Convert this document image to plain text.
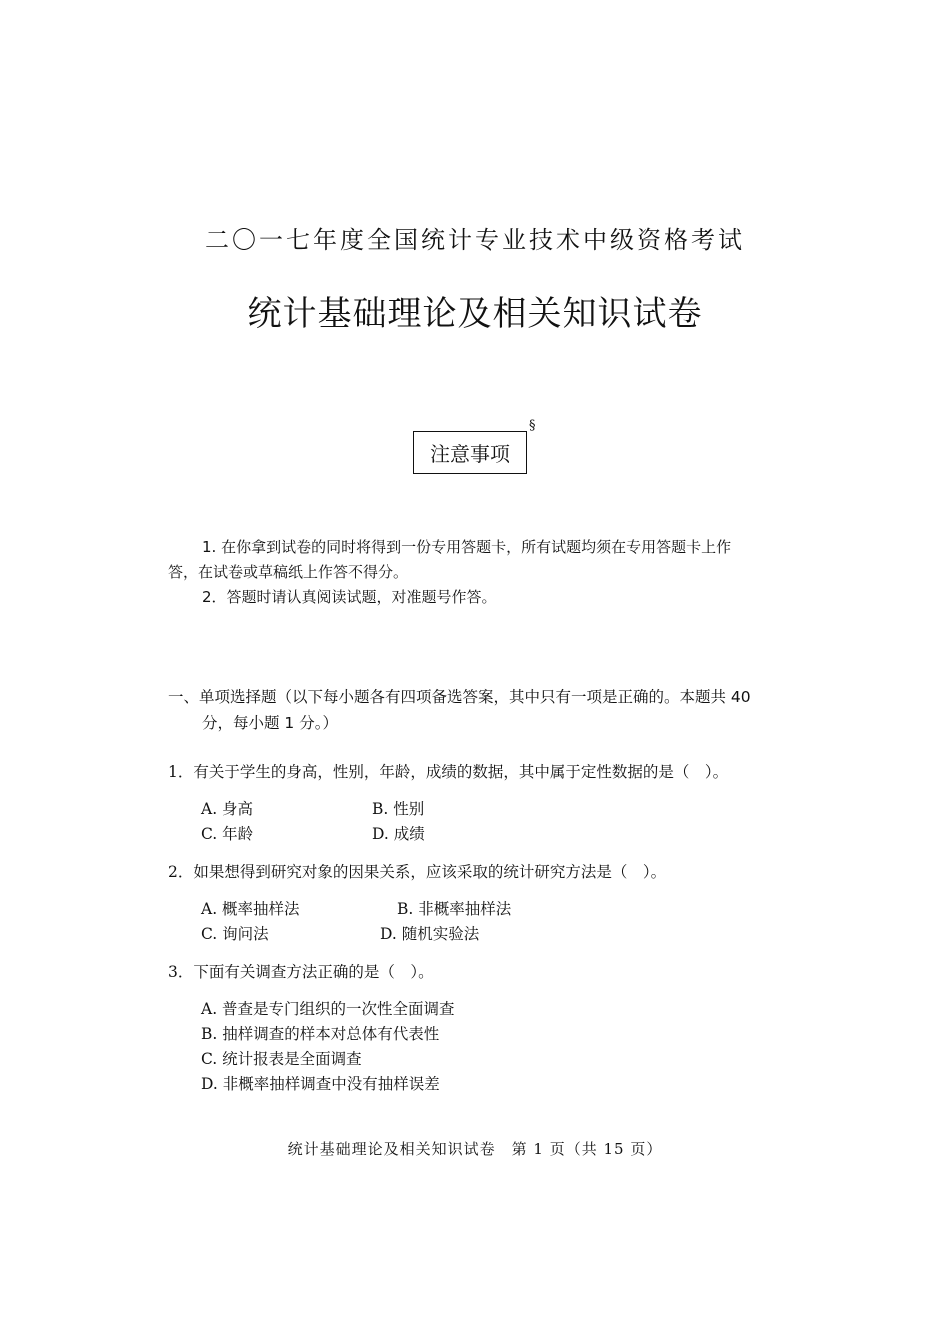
二〇一七年度全国统计专业技术中级资格考试
统计基础理论及相关知识试卷
注意事项
§

1. 在你拿到试卷的同时将得到一份专用答题卡，所有试题均须在专用答题卡上作

答，在试卷或草稿纸上作答不得分。

2．答题时请认真阅读试题，对准题号作答。

一、单项选择题（以下每小题各有四项备选答案，其中只有一项是正确的。本题共 40
分，每小题 1 分。）
1．有关于学生的身高，性别，年龄，成绩的数据，其中属于定性数据的是（　）。
A. 身高	B. 性别
C. 年龄	D. 成绩
2．如果想得到研究对象的因果关系，应该采取的统计研究方法是（　）。
A. 概率抽样法	B. 非概率抽样法
C. 询问法	D. 随机实验法
3．下面有关调查方法正确的是（　）。
A. 普查是专门组织的一次性全面调查
B. 抽样调查的样本对总体有代表性
C. 统计报表是全面调查
D. 非概率抽样调查中没有抽样误差
统计基础理论及相关知识试卷　第 1 页（共 15 页）
